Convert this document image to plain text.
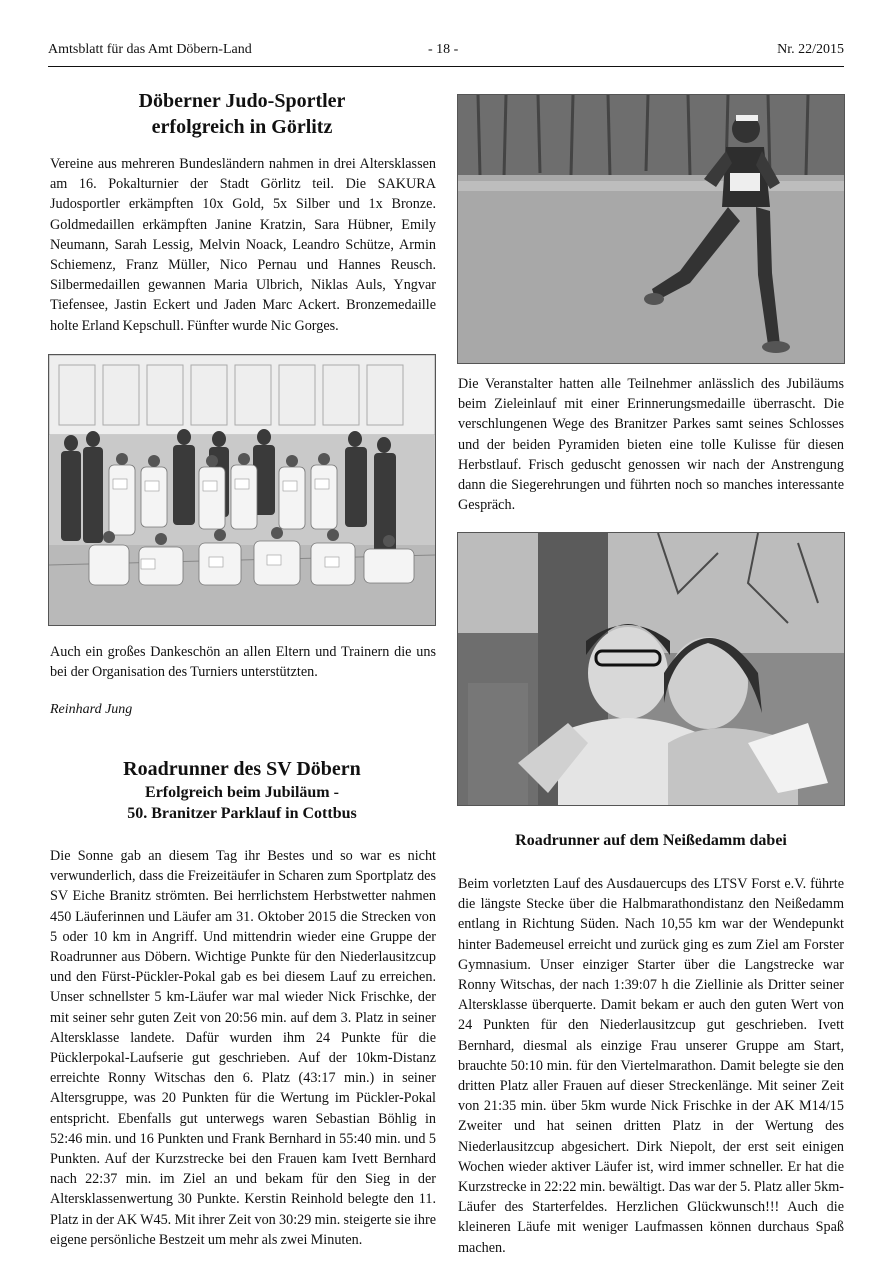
Amtsblatt für das Amt Döbern-Land	- 18 -	Nr. 22/2015
Döberner Judo-Sportler
erfolgreich in Görlitz

Vereine aus mehreren Bundesländern nahmen in drei Altersklassen am 16. Pokalturnier der Stadt Görlitz teil. Die SAKURA Judosportler erkämpften 10x Gold, 5x Silber und 1x Bronze. Goldmedaillen erkämpften Janine Kratzin, Sara Hübner, Emily Neumann, Sarah Lessig, Melvin Noack, Leandro Schütze, Armin Schiemenz, Franz Müller, Nico Pernau und Hannes Reusch. Silbermedaillen gewannen Maria Ulbrich, Niklas Auls, Yngvar Tiefensee, Jastin Eckert und Jaden Marc Ackert. Bronzemedaille holte Erland Kepschull. Fünfter wurde Nic Gorges.

Auch ein großes Dankeschön an allen Eltern und Trainern die uns bei der Organisation des Turniers unterstützten.

Reinhard Jung
Roadrunner des SV Döbern
Erfolgreich beim Jubiläum -
50. Branitzer Parklauf in Cottbus

Die Sonne gab an diesem Tag ihr Bestes und so war es nicht verwunderlich, dass die Freizeitäufer in Scharen zum Sportplatz des SV Eiche Branitz strömten. Bei herrlichstem Herbstwetter nahmen 450 Läuferinnen und Läufer am 31. Oktober 2015 die Strecken von 5 oder 10 km in Angriff. Und mittendrin wieder eine Gruppe der Roadrunner aus Döbern. Wichtige Punkte für den Niederlausitzcup und den Fürst-Pückler-Pokal gab es bei diesem Lauf zu erreichen. Unser schnellster 5 km-Läufer war mal wieder Nick Frischke, der mit seiner sehr guten Zeit von 20:56 min. auf dem 3. Platz in seiner Altersklasse landete. Dafür wurden ihm 24 Punkte für die Pücklerpokal-Laufserie gut geschrieben. Auf der 10km-Distanz erreichte Ronny Witschas den 6. Platz (43:17 min.) in seiner Altersgruppe, was 20 Punkten für die Wertung im Pückler-Pokal entspricht. Ebenfalls gut unterwegs waren Sebastian Böhlig in 52:46 min. und 16 Punkten und Frank Bernhard in 55:40 min. und 5 Punkten. Auf der Kurzstrecke bei den Frauen kam Ivett Bernhard nach 22:37 min. im Ziel an und bekam für den Sieg in der Altersklassenwertung 30 Punkte. Kerstin Reinhold belegte den 11. Platz in der AK W45. Mit ihrer Zeit von 30:29 min. steigerte sie ihre eigene persönliche Bestzeit um mehr als zwei Minuten.

Die Veranstalter hatten alle Teilnehmer anlässlich des Jubiläums beim Zieleinlauf mit einer Erinnerungsmedaille überrascht. Die verschlungenen Wege des Branitzer Parkes samt seines Schlosses und der beiden Pyramiden bieten eine tolle Kulisse für diesen Herbstlauf. Frisch geduscht genossen wir nach der Anstrengung dann die Siegerehrungen und führten noch so manches interessante Gespräch.

Roadrunner auf dem Neißedamm dabei

Beim vorletzten Lauf des Ausdauercups des LTSV Forst e.V. führte die längste Stecke über die Halbmarathondistanz den Neißedamm entlang in Richtung Süden. Nach 10,55 km war der Wendepunkt hinter Bademeusel erreicht und zurück ging es zum Ziel am Forster Gymnasium. Unser einziger Starter über die Langstrecke war Ronny Witschas, der nach 1:39:07 h die Ziellinie als Dritter seiner Altersklasse überquerte. Damit bekam er auch den guten Wert von 24 Punkten für den Niederlausitzcup gut geschrieben. Ivett Bernhard, diesmal als einzige Frau unserer Gruppe am Start, brauchte 50:10 min. für den Viertelmarathon. Damit belegte sie den dritten Platz aller Frauen auf dieser Streckenlänge. Mit seiner Zeit von 21:35 min. über 5km wurde Nick Frischke in der AK M14/15 Zweiter und hat seinen dritten Platz in der Wertung des Niederlausitzcup abgesichert. Dirk Niepolt, der erst seit einigen Wochen wieder aktiver Läufer ist, wird immer schneller. Er hat die Kurzstrecke in 22:22 min. bewältigt. Das war der 5. Platz aller 5km-Läufer des Starterfeldes. Herzlichen Glückwunsch!!! Auch die kleineren Läufe mit weniger Laufmassen können durchaus Spaß machen.
